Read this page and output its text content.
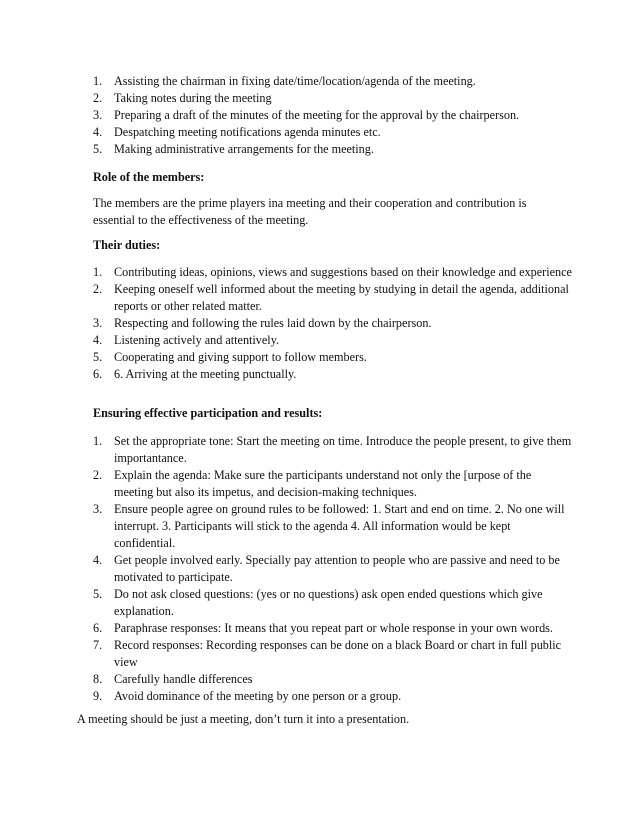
1. Assisting the chairman in fixing date/time/location/agenda of the meeting.
2. Taking notes during the meeting
3. Preparing a draft of the minutes of the meeting for the approval by the chairperson.
4. Despatching meeting notifications agenda minutes etc.
5. Making administrative arrangements for the meeting.
Role of the members:
The members are the prime players ina meeting and their cooperation and contribution is essential to the effectiveness of the meeting.
Their duties:
1. Contributing ideas, opinions, views and suggestions based on their knowledge and experience
2. Keeping oneself well informed about the meeting by studying in detail the agenda, additional reports or other related matter.
3. Respecting and following the rules laid down by the chairperson.
4. Listening actively and attentively.
5. Cooperating and giving support to follow members.
6. 6. Arriving at the meeting punctually.
Ensuring effective participation and results:
1. Set the appropriate tone: Start the meeting on time. Introduce the people present, to give them importantance.
2. Explain the agenda: Make sure the participants understand not only the [urpose of the meeting but also its impetus, and decision-making techniques.
3. Ensure people agree on ground rules to be followed: 1. Start and end on time. 2. No one will interrupt. 3. Participants will stick to the agenda 4. All information would be kept confidential.
4. Get people involved early. Specially pay attention to people who are passive and need to be motivated to participate.
5. Do not ask closed questions: (yes or no questions) ask open ended questions which give explanation.
6. Paraphrase responses: It means that you repeat part or whole response in your own words.
7. Record responses: Recording responses can be done on a black Board or chart in full public view
8. Carefully handle differences
9. Avoid dominance of the meeting by one person or a group.
A meeting should be just a meeting, don’t turn it into a presentation.
